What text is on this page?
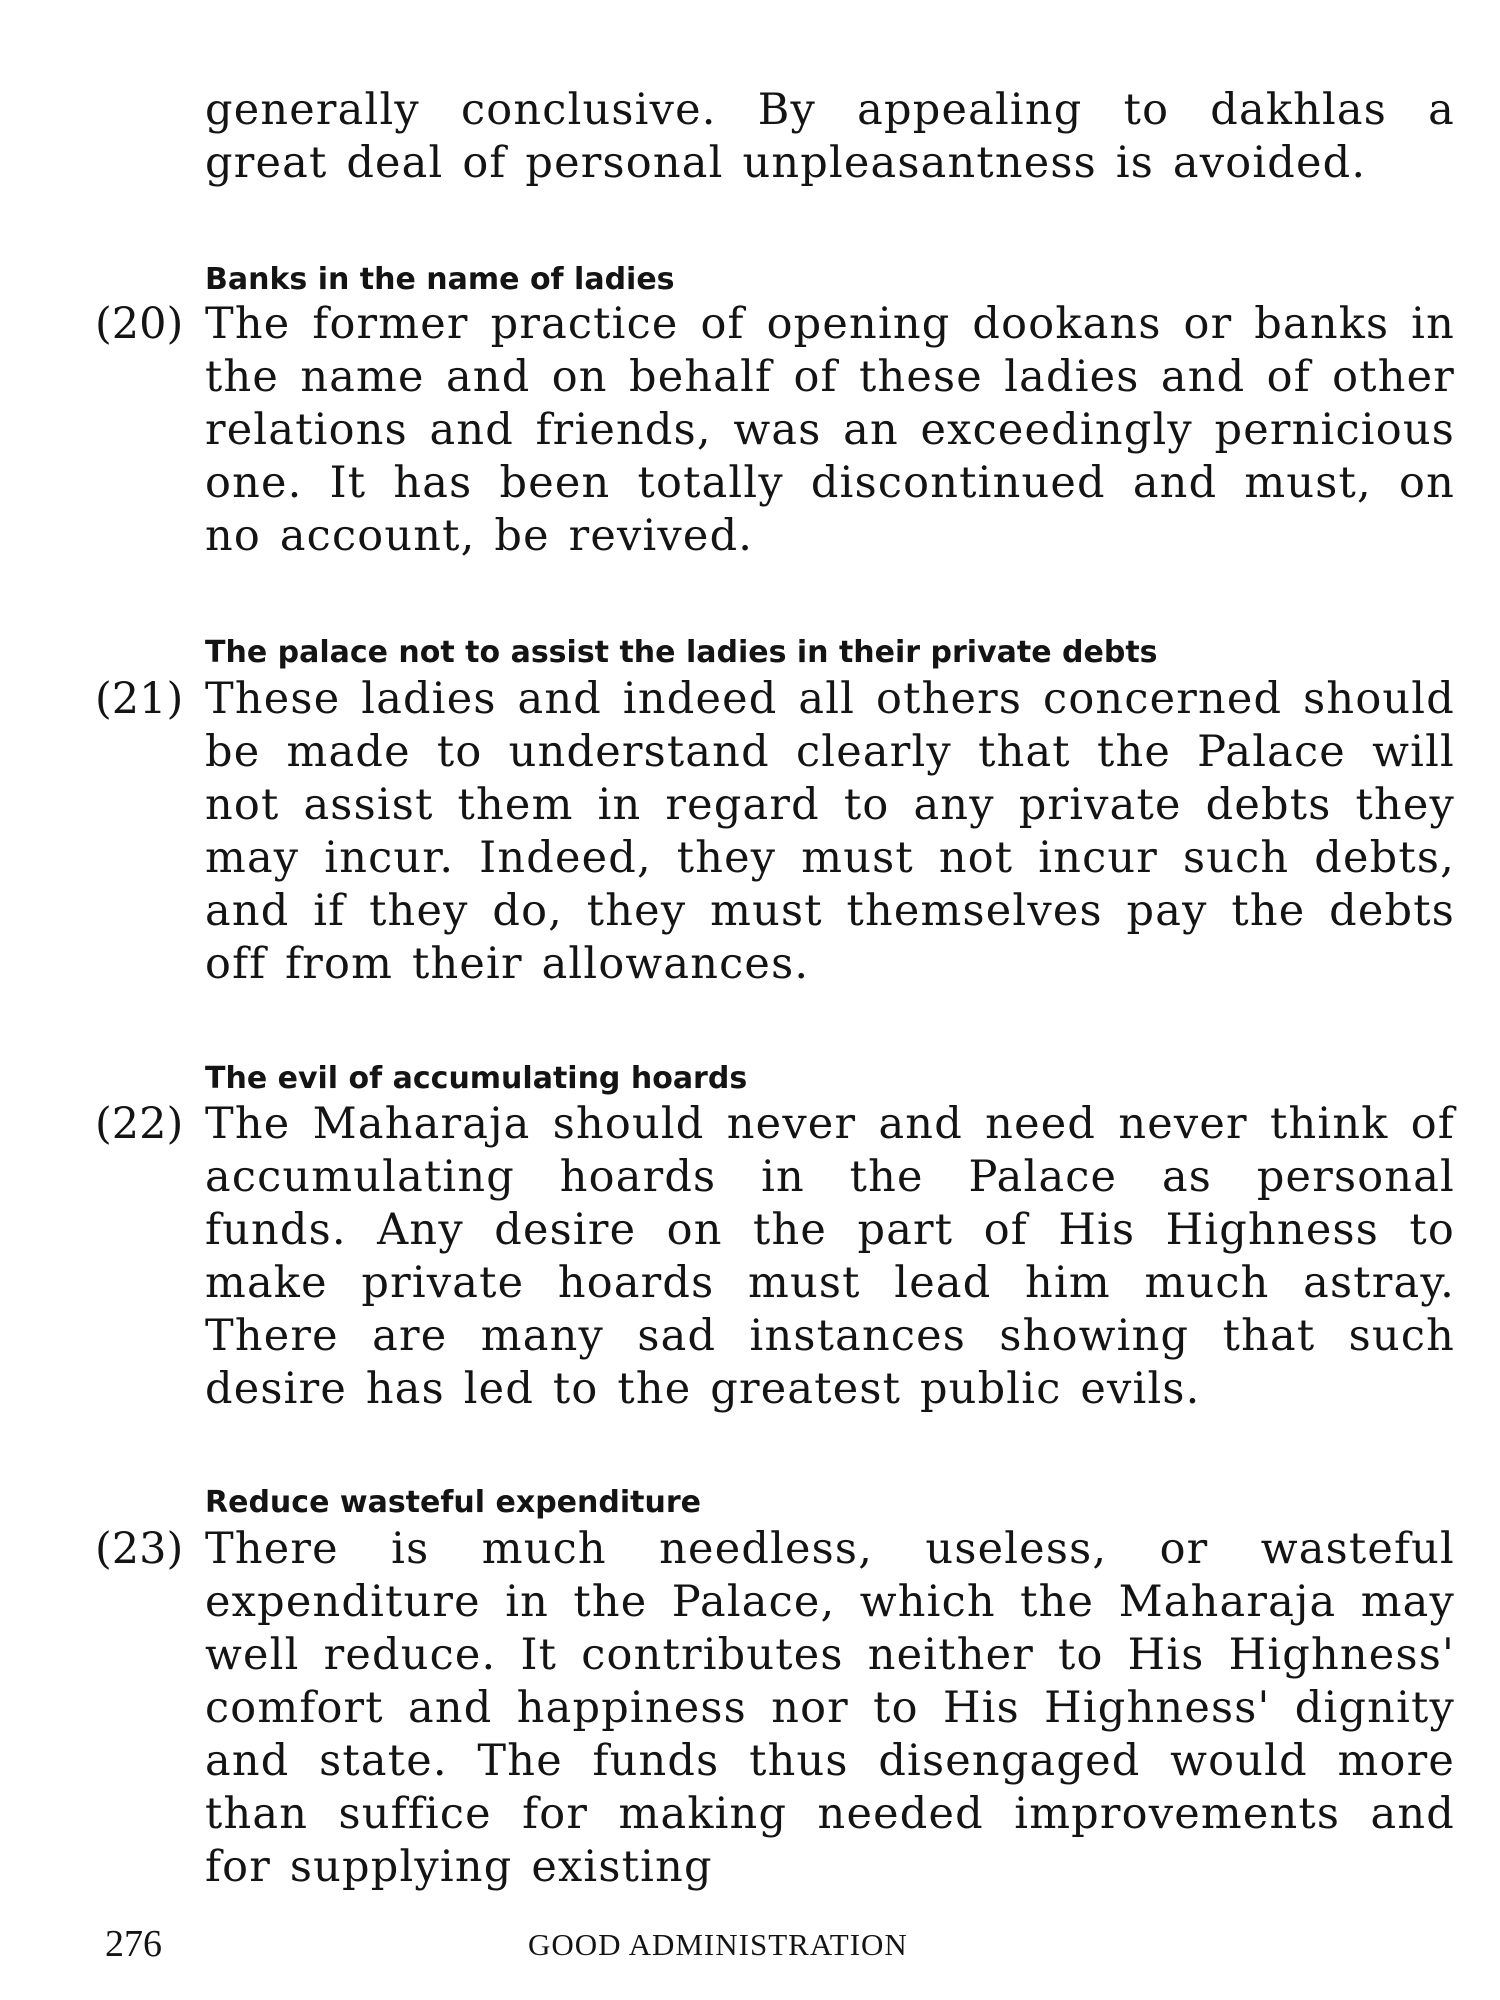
generally conclusive. By appealing to dakhlas a great deal of personal unpleasantness is avoided.

Banks in the name of ladies
(20) The former practice of opening dookans or banks in the name and on behalf of these ladies and of other relations and friends, was an exceedingly pernicious one. It has been totally discontinued and must, on no account, be revived.

The palace not to assist the ladies in their private debts
(21) These ladies and indeed all others concerned should be made to understand clearly that the Palace will not assist them in regard to any private debts they may incur. Indeed, they must not incur such debts, and if they do, they must themselves pay the debts off from their allowances.

The evil of accumulating hoards
(22) The Maharaja should never and need never think of accumulating hoards in the Palace as personal funds. Any desire on the part of His Highness to make private hoards must lead him much astray. There are many sad instances showing that such desire has led to the greatest public evils.

Reduce wasteful expenditure
(23) There is much needless, useless, or wasteful expenditure in the Palace, which the Maharaja may well reduce. It contributes neither to His Highness' comfort and happiness nor to His Highness' dignity and state. The funds thus disengaged would more than suffice for making needed improvements and for supplying existing

276	GOOD ADMINISTRATION
